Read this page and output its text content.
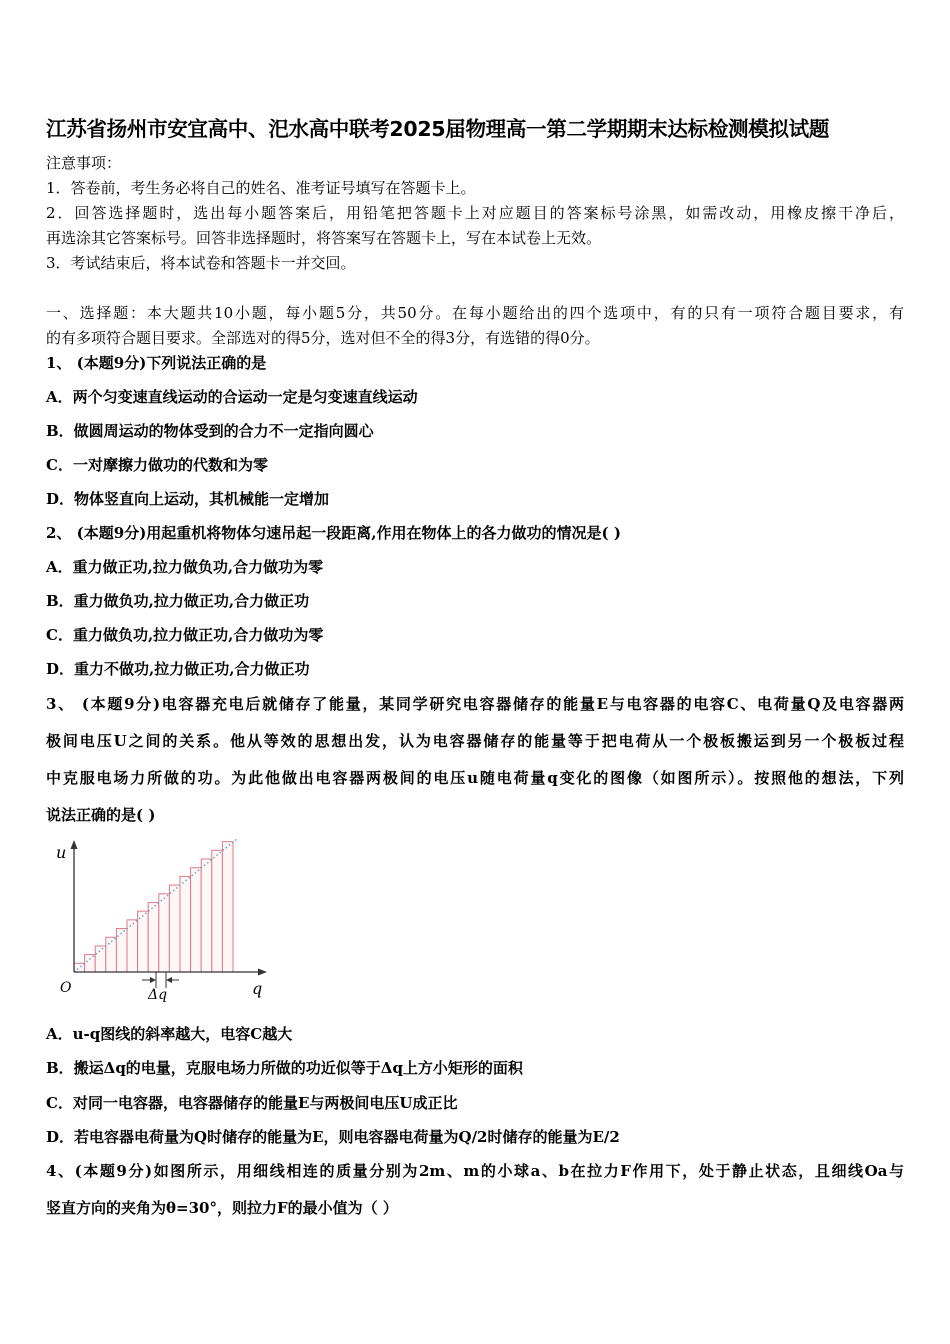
江苏省扬州市安宜高中、汜水高中联考2025届物理高一第二学期期末达标检测模拟试题
注意事项：
1．答卷前，考生务必将自己的姓名、准考证号填写在答题卡上。
2．回答选择题时，选出每小题答案后，用铅笔把答题卡上对应题目的答案标号涂黑，如需改动，用橡皮擦干净后，
再选涂其它答案标号。回答非选择题时，将答案写在答题卡上，写在本试卷上无效。
3．考试结束后，将本试卷和答题卡一并交回。
一、选择题：本大题共10小题，每小题5分，共50分。在每小题给出的四个选项中，有的只有一项符合题目要求，有
的有多项符合题目要求。全部选对的得5分，选对但不全的得3分，有选错的得0分。
1、 (本题9分)下列说法正确的是
A．两个匀变速直线运动的合运动一定是匀变速直线运动
B．做圆周运动的物体受到的合力不一定指向圆心
C．一对摩擦力做功的代数和为零
D．物体竖直向上运动，其机械能一定增加
2、 (本题9分)用起重机将物体匀速吊起一段距离,作用在物体上的各力做功的情况是( )
A．重力做正功,拉力做负功,合力做功为零
B．重力做负功,拉力做正功,合力做正功
C．重力做负功,拉力做正功,合力做功为零
D．重力不做功,拉力做正功,合力做正功
3、 (本题9分)电容器充电后就储存了能量，某同学研究电容器储存的能量E与电容器的电容C、电荷量Q及电容器两
极间电压U之间的关系。他从等效的思想出发，认为电容器储存的能量等于把电荷从一个极板搬运到另一个极板过程
中克服电场力所做的功。为此他做出电容器两极间的电压u随电荷量q变化的图像（如图所示）。按照他的想法，下列
说法正确的是( )
u
q
O	Δq
A．u-q图线的斜率越大，电容C越大
B．搬运Δq的电量，克服电场力所做的功近似等于Δq上方小矩形的面积
C．对同一电容器，电容器储存的能量E与两极间电压U成正比
D．若电容器电荷量为Q时储存的能量为E，则电容器电荷量为Q/2时储存的能量为E/2
4、(本题9分)如图所示，用细线相连的质量分别为2m、m的小球a、b在拉力F作用下，处于静止状态，且细线Oa与
竖直方向的夹角为θ=30°，则拉力F的最小值为（ ）
